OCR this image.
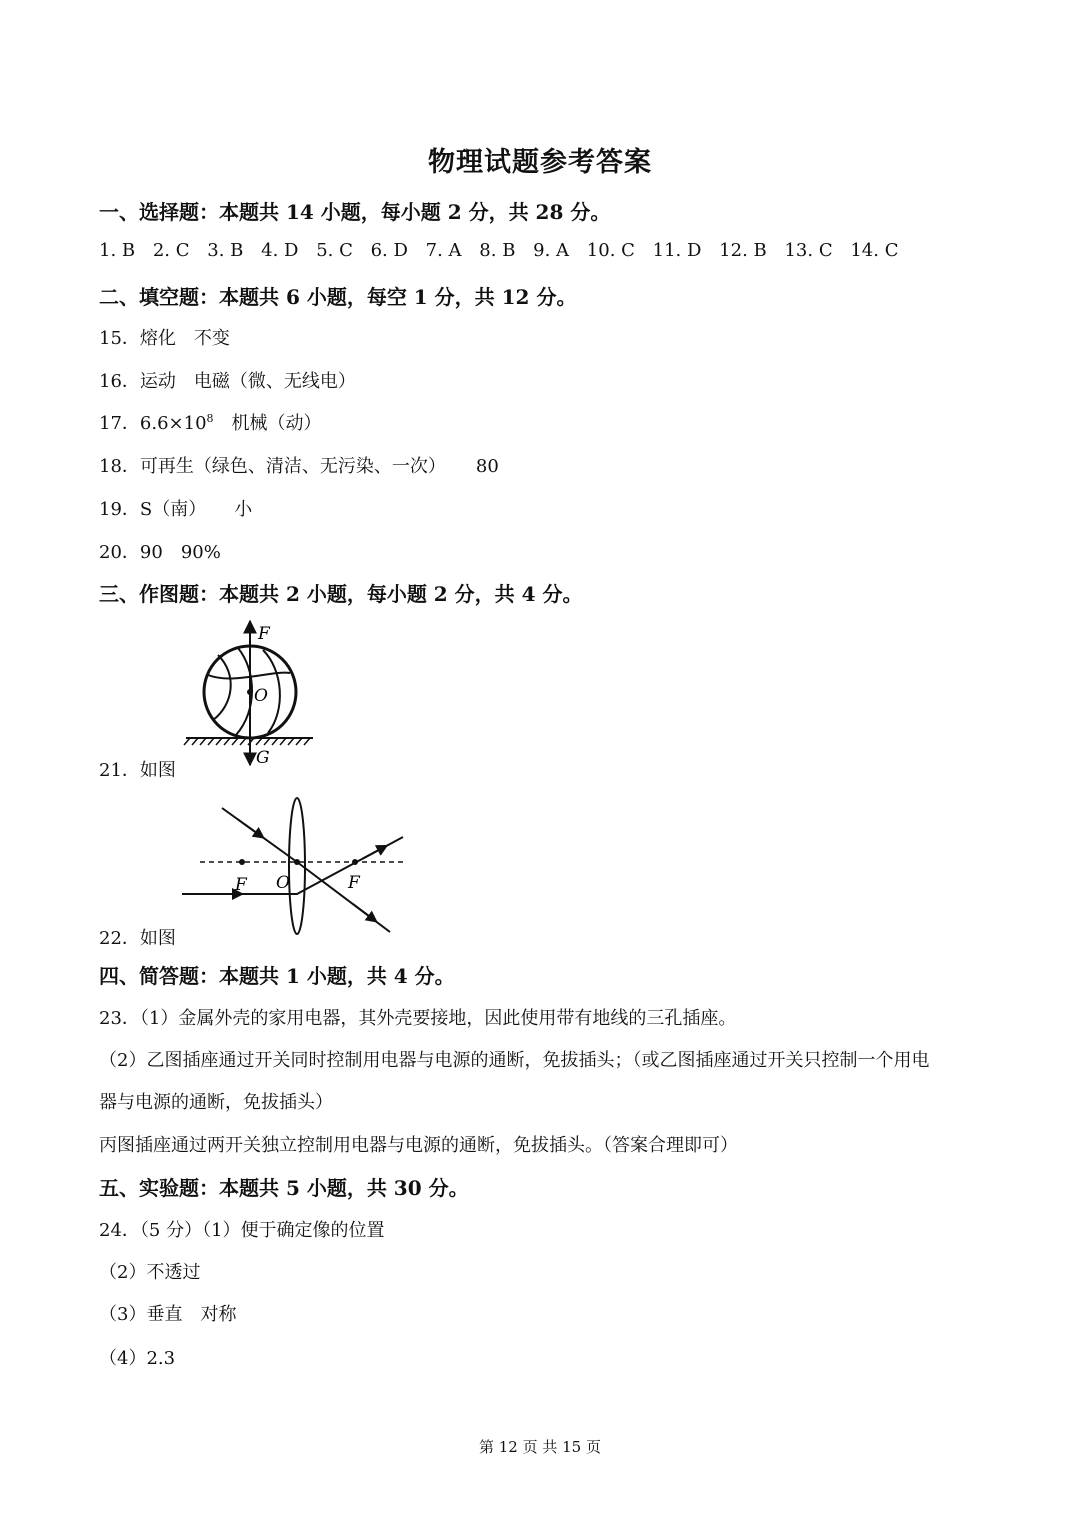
物理试题参考答案
一、选择题：本题共 14 小题，每小题 2 分，共 28 分。
1. B 2. C 3. B 4. D 5. C 6. D 7. A 8. B 9. A 10. C 11. D 12. B 13. C 14. C
二、填空题：本题共 6 小题，每空 1 分，共 12 分。
15．熔化 不变
16．运动 电磁（微、无线电）
17．$6.6\times 10^8$ 机械（动）
18．可再生（绿色、清洁、无污染、一次） 80
19．S（南） 小
20．90 90%
三、作图题：本题共 2 小题，每小题 2 分，共 4 分。
F
O
G
21．如图
F O	F
22．如图
四、简答题：本题共 1 小题，共 4 分。
23．（1）金属外壳的家用电器，其外壳要接地，因此使用带有地线的三孔插座。
（2）乙图插座通过开关同时控制用电器与电源的通断，免拔插头；（或乙图插座通过开关只控制一个用电
器与电源的通断，免拔插头）
丙图插座通过两开关独立控制用电器与电源的通断，免拔插头。（答案合理即可）
五、实验题：本题共 5 小题，共 30 分。
24．（5 分）（1）便于确定像的位置
（2）不透过
（3）垂直　对称
（4）2.3
第 12 页 共 15 页
